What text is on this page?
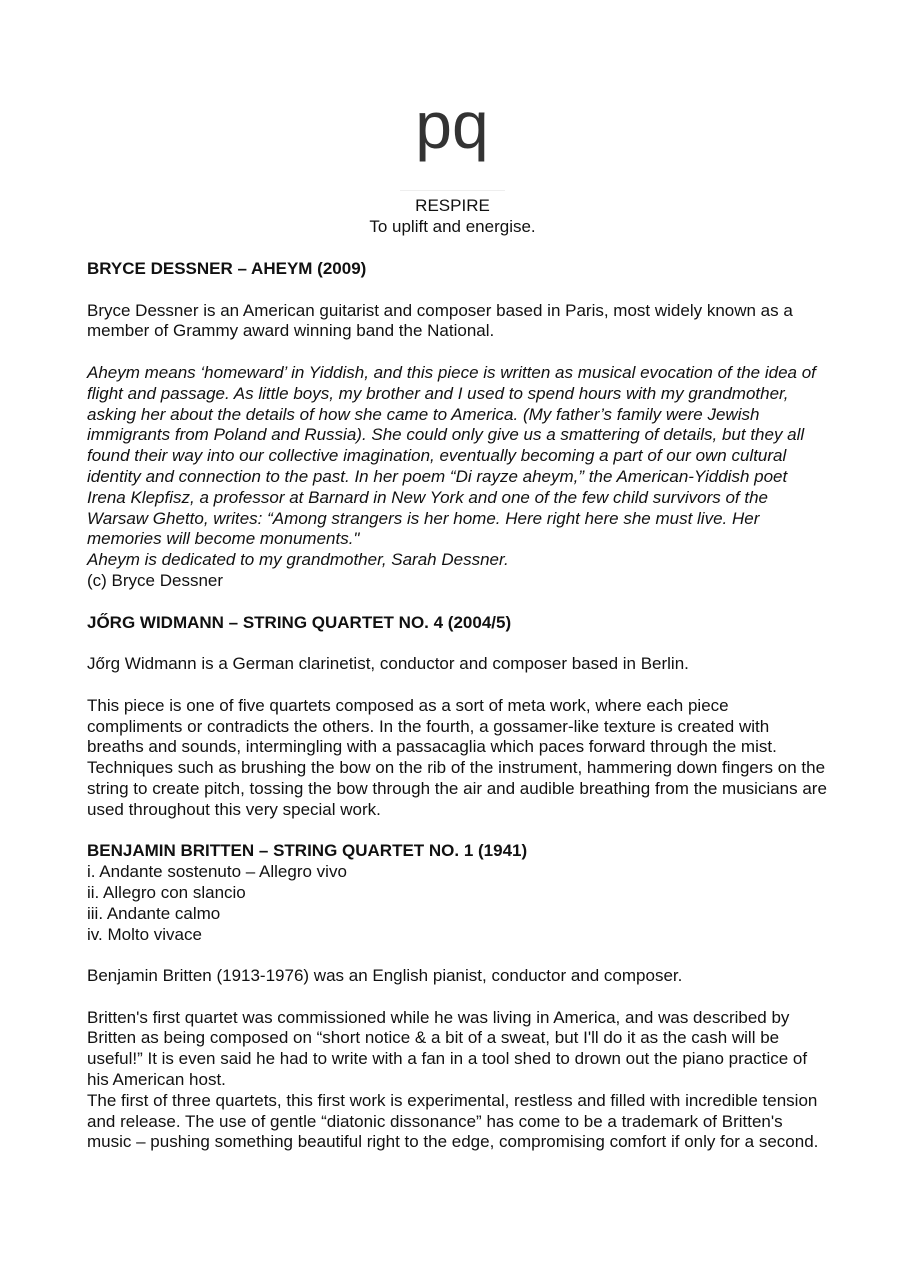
pq
RESPIRE
To uplift and energise.

BRYCE DESSNER – AHEYM (2009)

Bryce Dessner is an American guitarist and composer based in Paris, most widely known as a member of Grammy award winning band the National.

Aheym means ‘homeward’ in Yiddish, and this piece is written as musical evocation of the idea of flight and passage. As little boys, my brother and I used to spend hours with my grandmother, asking her about the details of how she came to America. (My father’s family were Jewish immigrants from Poland and Russia). She could only give us a smattering of details, but they all found their way into our collective imagination, eventually becoming a part of our own cultural identity and connection to the past. In her poem “Di rayze aheym,” the American-Yiddish poet Irena Klepfisz, a professor at Barnard in New York and one of the few child survivors of the Warsaw Ghetto, writes: “Among strangers is her home. Here right here she must live. Her memories will become monuments."

Aheym is dedicated to my grandmother, Sarah Dessner.

(c) Bryce Dessner

JŐRG WIDMANN – STRING QUARTET NO. 4 (2004/5)

Jőrg Widmann is a German clarinetist, conductor and composer based in Berlin.

This piece is one of five quartets composed as a sort of meta work, where each piece compliments or contradicts the others. In the fourth, a gossamer-like texture is created with breaths and sounds, intermingling with a passacaglia which paces forward through the mist. Techniques such as brushing the bow on the rib of the instrument, hammering down fingers on the string to create pitch, tossing the bow through the air and audible breathing from the musicians are used throughout this very special work.

BENJAMIN BRITTEN – STRING QUARTET NO. 1 (1941)

i. Andante sostenuto – Allegro vivo

ii. Allegro con slancio

iii. Andante calmo

iv. Molto vivace

Benjamin Britten (1913-1976) was an English pianist, conductor and composer.

Britten's first quartet was commissioned while he was living in America, and was described by Britten as being composed on “short notice & a bit of a sweat, but I'll do it as the cash will be useful!” It is even said he had to write with a fan in a tool shed to drown out the piano practice of his American host.

The first of three quartets, this first work is experimental, restless and filled with incredible tension and release. The use of gentle “diatonic dissonance” has come to be a trademark of Britten's music – pushing something beautiful right to the edge, compromising comfort if only for a second.
